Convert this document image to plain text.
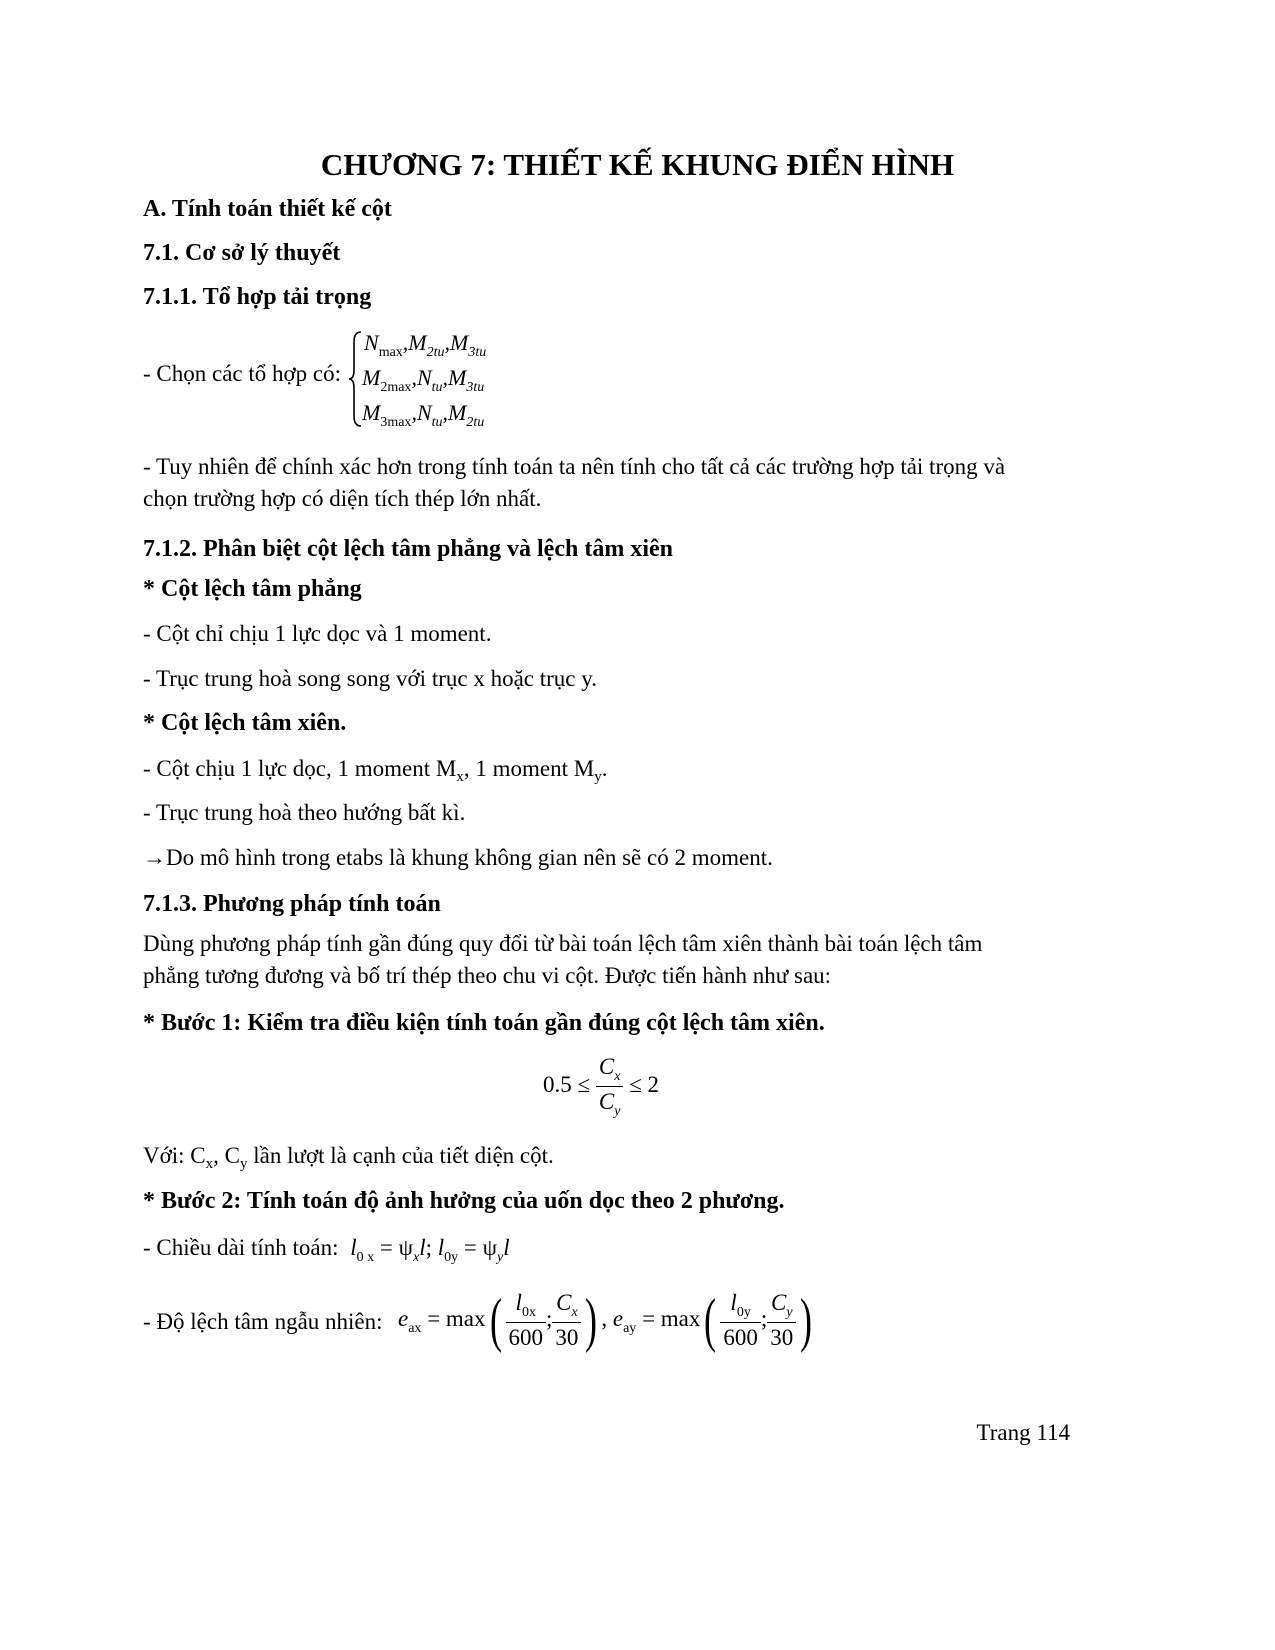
CHƯƠNG 7: THIẾT KẾ KHUNG ĐIỂN HÌNH
A. Tính toán thiết kế cột
7.1. Cơ sở lý thuyết
7.1.1. Tổ hợp tải trọng
- Chọn các tổ hợp có:
$N_{max},M_{2tu},M_{3tu}$
$M_{2max},N_{tu},M_{3tu}$
$M_{3max},N_{tu},M_{2tu}$
- Tuy nhiên để chính xác hơn trong tính toán ta nên tính cho tất cả các trường hợp tải trọng và
chọn trường hợp có diện tích thép lớn nhất.
7.1.2. Phân biệt cột lệch tâm phẳng và lệch tâm xiên
* Cột lệch tâm phẳng
- Cột chỉ chịu 1 lực dọc và 1 moment.
- Trục trung hoà song song với trục x hoặc trục y.
* Cột lệch tâm xiên.
- Cột chịu 1 lực dọc, 1 moment $M_x$, 1 moment $M_y$.
- Trục trung hoà theo hướng bất kì.
→Do mô hình trong etabs là khung không gian nên sẽ có 2 moment.
7.1.3. Phương pháp tính toán
Dùng phương pháp tính gần đúng quy đổi từ bài toán lệch tâm xiên thành bài toán lệch tâm
phẳng tương đương và bố trí thép theo chu vi cột. Được tiến hành như sau:
* Bước 1: Kiểm tra điều kiện tính toán gần đúng cột lệch tâm xiên.
$0.5 \le \frac{C_x}{C_y} \le 2$
Với: $C_x$, $C_y$ lần lượt là cạnh của tiết diện cột.
* Bước 2: Tính toán độ ảnh hưởng của uốn dọc theo 2 phương.
- Chiều dài tính toán: $l_{0 x} = \psi_xl$; $l_{0y} = \psi_yl$
- Độ lệch tâm ngẫu nhiên: $e_{ax} = \max( \frac{l_{0x}}{600}$ ; $\frac{C_x}{30}$ ) , $e_{ay} = \max( \frac{l_{0y}}{600}$ ; $\frac{C_y}{30}$ )
Trang 114
